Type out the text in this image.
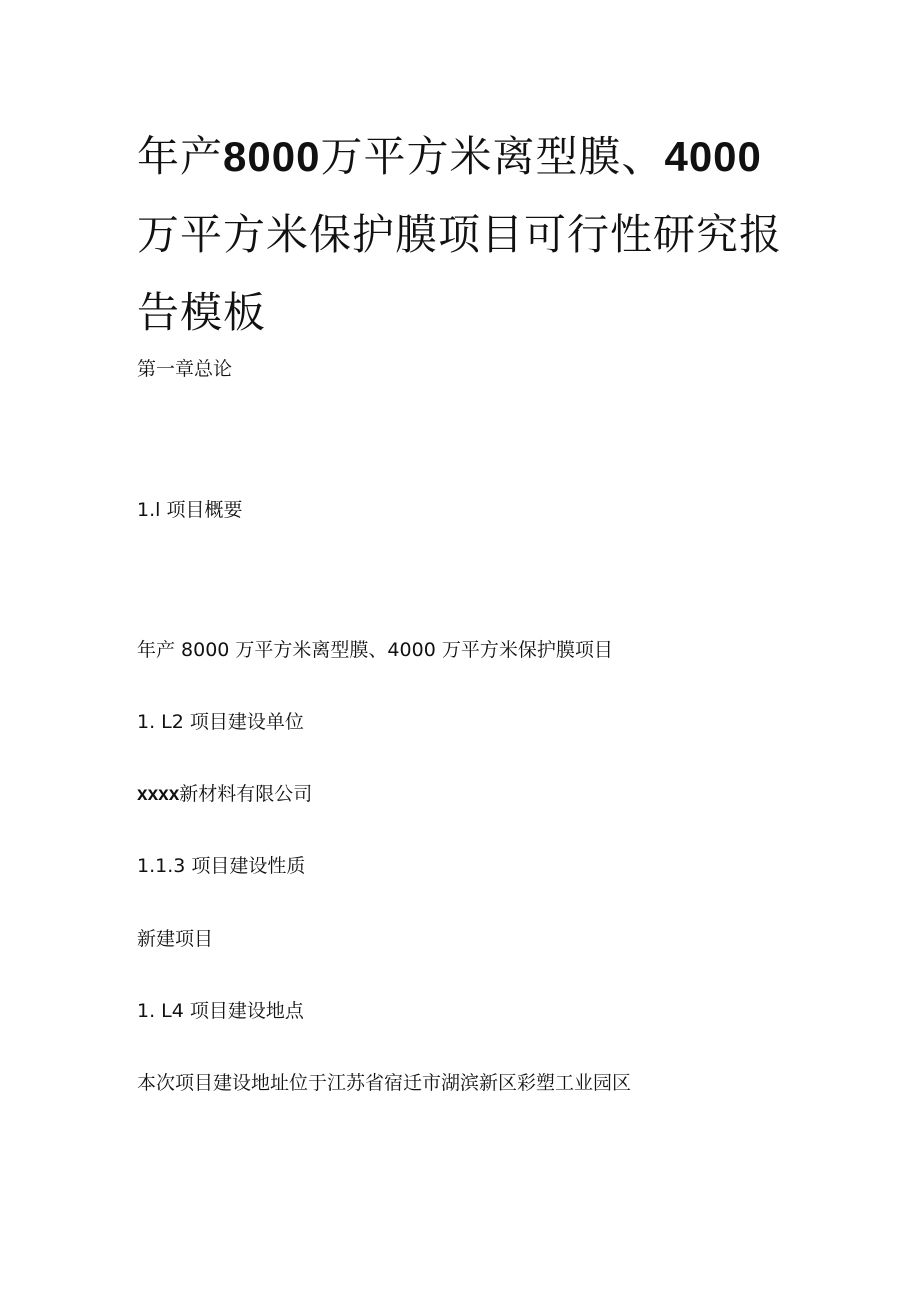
年产8000万平方米离型膜、4000万平方米保护膜项目可行性研究报告模板

第一章总论

1.l 项目概要

年产 8000 万平方米离型膜、4000 万平方米保护膜项目

1. L2 项目建设单位

xxxx新材料有限公司

1.1.3 项目建设性质

新建项目

1. L4 项目建设地点

本次项目建设地址位于江苏省宿迁市湖滨新区彩塑工业园区
